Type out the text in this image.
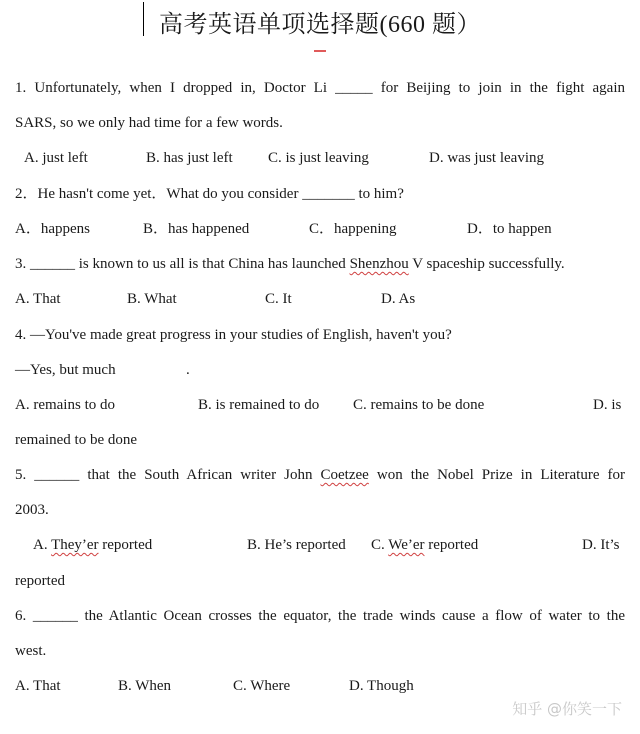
高考英语单项选择题(660 题）
1. Unfortunately, when I dropped in, Doctor Li _____ for Beijing to join in the fight again
SARS, so we only had time for a few words.
A. just left	B. has just left C. is just leaving	D. was just leaving
2．He hasn't come yet．What do you consider _______ to him?
A．happens	B．has happened	C．happening	D．to happen
3. ______ is known to us all is that China has launched Shenzhou V spaceship successfully.
A. That	B. What	C. It	D. As
4. —You've made great progress in your studies of English, haven't you?
—Yes, but much	.
A. remains to do	B. is remained to do C. remains to be done	D. is
remained to be done
5. ______ that the South African writer John Coetzee won the Nobel Prize in Literature for
2003.
A. They’er reported	B. He’s reported C. We’er reported	D. It’s
reported
6. ______ the Atlantic Ocean crosses the equator, the trade winds cause a flow of water to the
west.
A. That	B. When	C. Where	D. Though
知乎 @你笑一下
